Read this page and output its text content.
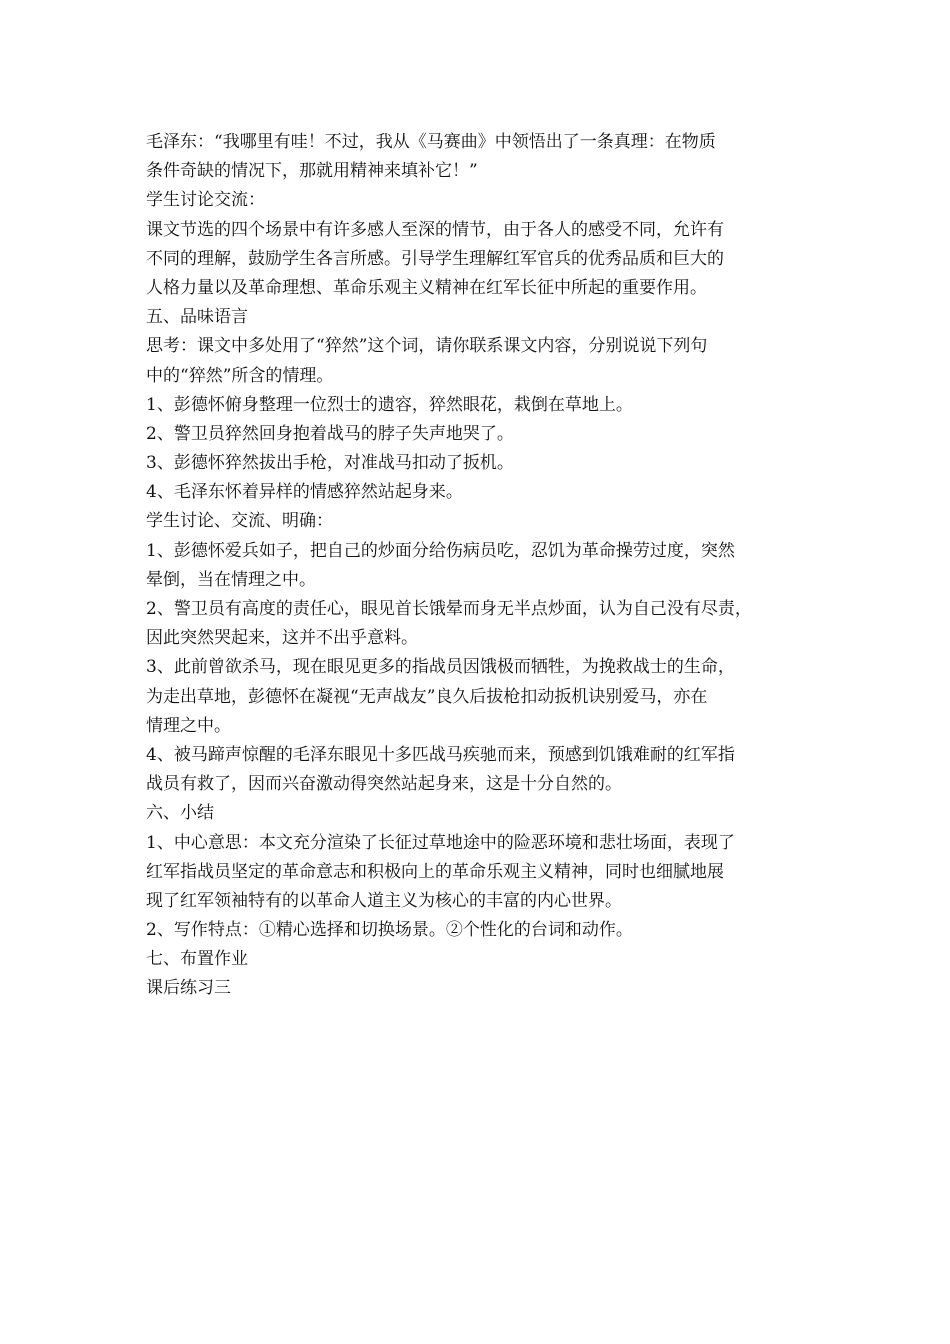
毛泽东：“我哪里有哇！不过，我从《马赛曲》中领悟出了一条真理：在物质
条件奇缺的情况下，那就用精神来填补它！”
学生讨论交流：
课文节选的四个场景中有许多感人至深的情节，由于各人的感受不同，允许有
不同的理解，鼓励学生各言所感。引导学生理解红军官兵的优秀品质和巨大的
人格力量以及革命理想、革命乐观主义精神在红军长征中所起的重要作用。
五、品味语言
思考：课文中多处用了“猝然”这个词，请你联系课文内容，分别说说下列句
中的“猝然”所含的情理。
1、彭德怀俯身整理一位烈士的遗容，猝然眼花，栽倒在草地上。
2、警卫员猝然回身抱着战马的脖子失声地哭了。
3、彭德怀猝然拔出手枪，对准战马扣动了扳机。
4、毛泽东怀着异样的情感猝然站起身来。
学生讨论、交流、明确：
1、彭德怀爱兵如子，把自己的炒面分给伤病员吃，忍饥为革命操劳过度，突然
晕倒，当在情理之中。
2、警卫员有高度的责任心，眼见首长饿晕而身无半点炒面，认为自己没有尽责，
因此突然哭起来，这并不出乎意料。
3、此前曾欲杀马，现在眼见更多的指战员因饿极而牺牲，为挽救战士的生命，
为走出草地，彭德怀在凝视“无声战友”良久后拔枪扣动扳机诀别爱马，亦在
情理之中。
4、被马蹄声惊醒的毛泽东眼见十多匹战马疾驰而来，预感到饥饿难耐的红军指
战员有救了，因而兴奋激动得突然站起身来，这是十分自然的。
六、小结
1、中心意思：本文充分渲染了长征过草地途中的险恶环境和悲壮场面，表现了
红军指战员坚定的革命意志和积极向上的革命乐观主义精神，同时也细腻地展
现了红军领袖特有的以革命人道主义为核心的丰富的内心世界。
2、写作特点：①精心选择和切换场景。②个性化的台词和动作。
七、布置作业
课后练习三
